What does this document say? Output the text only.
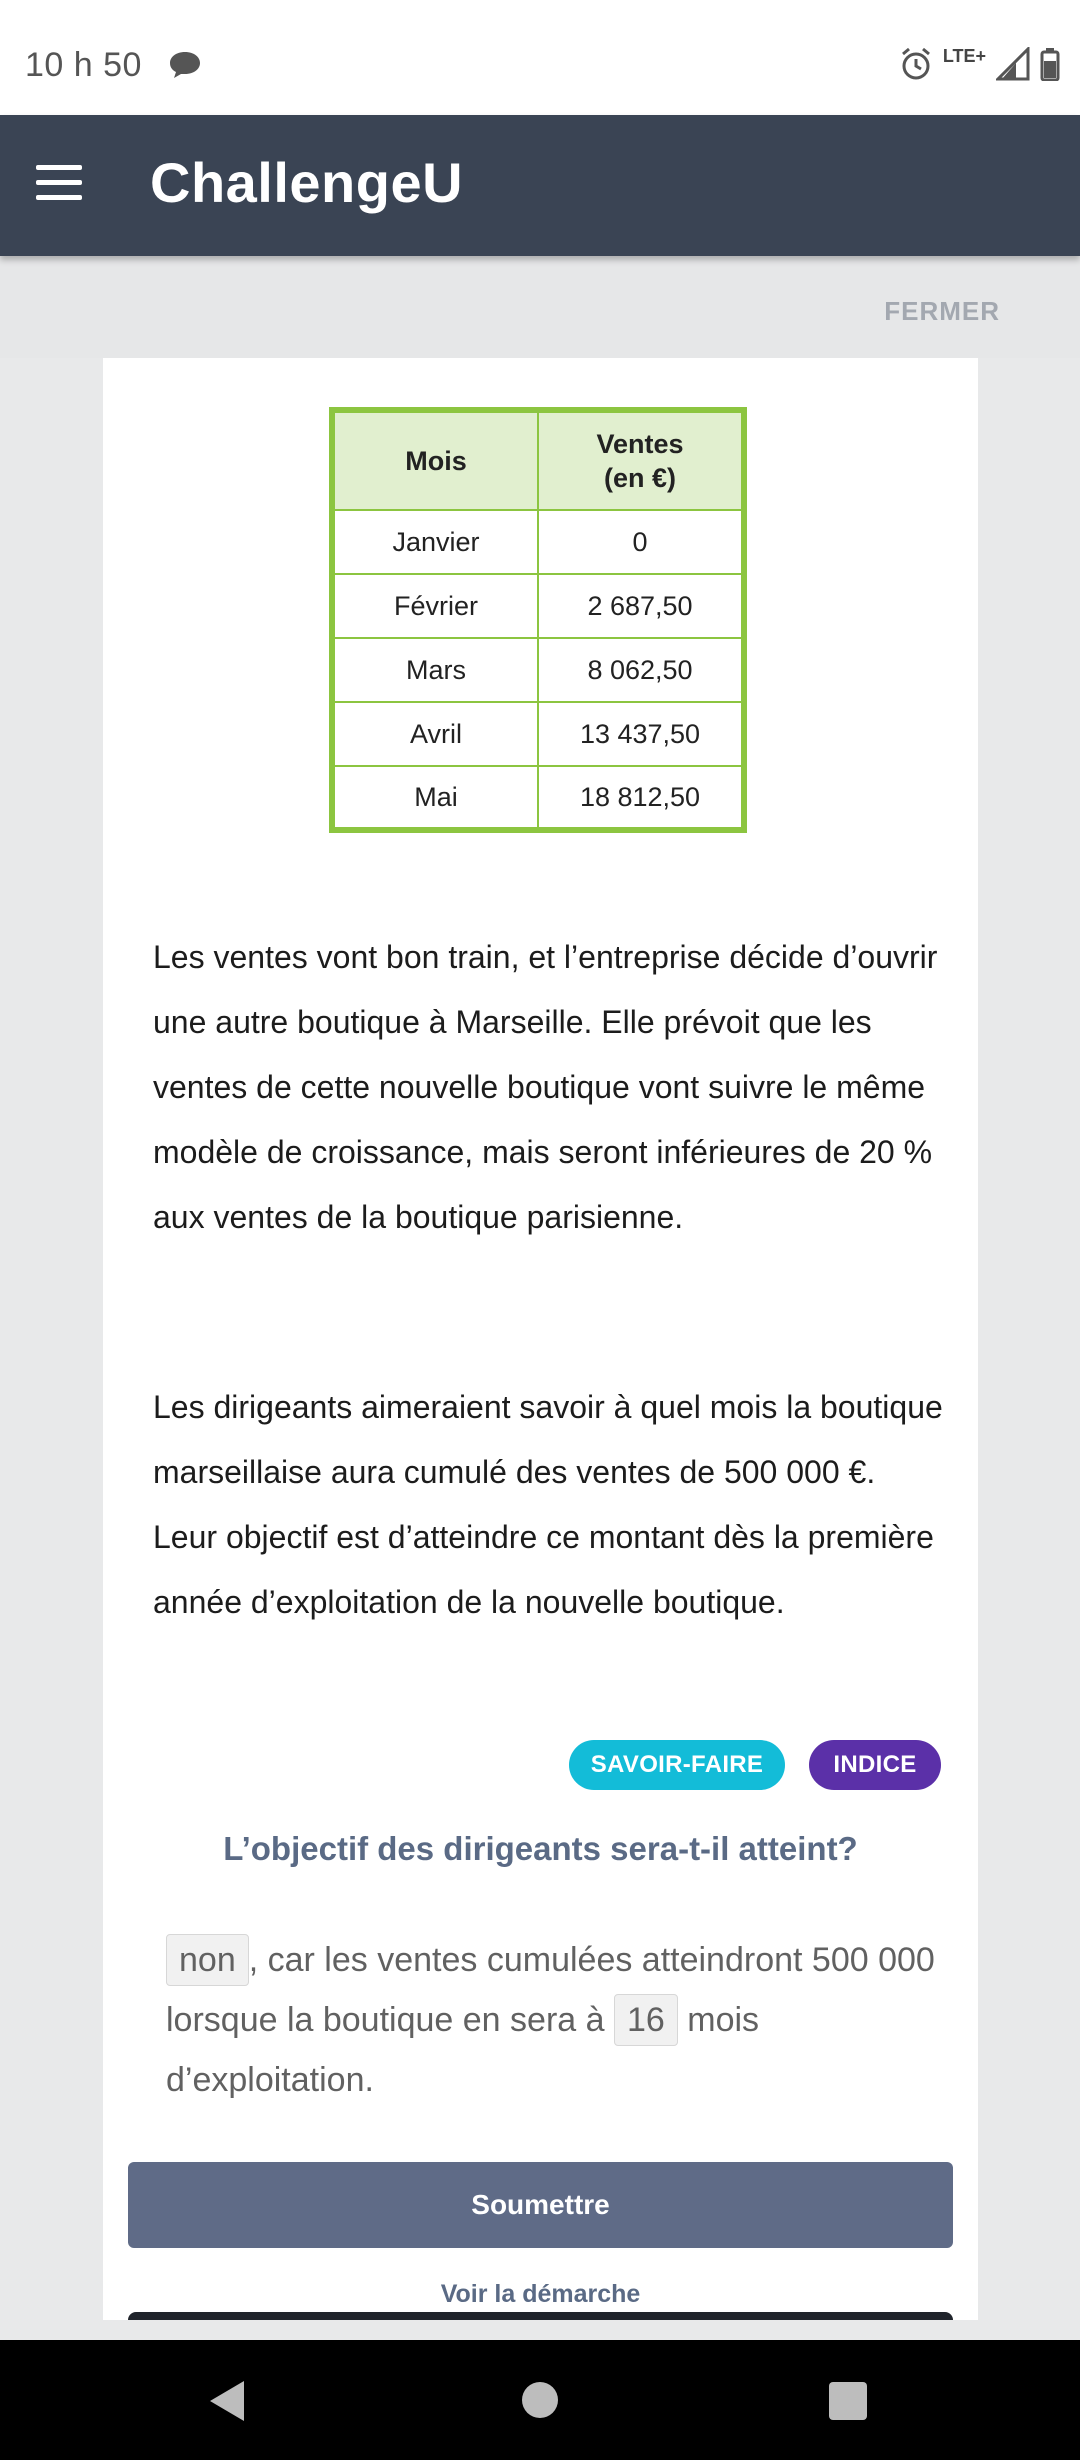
10 h 50	LTE+
ChallengeU
FERMER

Mois	Ventes
(en €)
Janvier	0
Février	2 687,50
Mars	8 062,50
Avril	13 437,50
Mai	18 812,50

Les ventes vont bon train, et l’entreprise décide d’ouvrir une autre boutique à Marseille. Elle prévoit que les ventes de cette nouvelle boutique vont suivre le même modèle de croissance, mais seront inférieures de 20 % aux ventes de la boutique parisienne.

Les dirigeants aimeraient savoir à quel mois la boutique marseillaise aura cumulé des ventes de 500 000 €. Leur objectif est d’atteindre ce montant dès la première année d’exploitation de la nouvelle boutique.

SAVOIR-FAIRE	INDICE
L’objectif des dirigeants sera-t-il atteint?
non , car les ventes cumulées atteindront 500 000 lorsque la boutique en sera à 16 mois d’exploitation.
Soumettre
Voir la démarche
